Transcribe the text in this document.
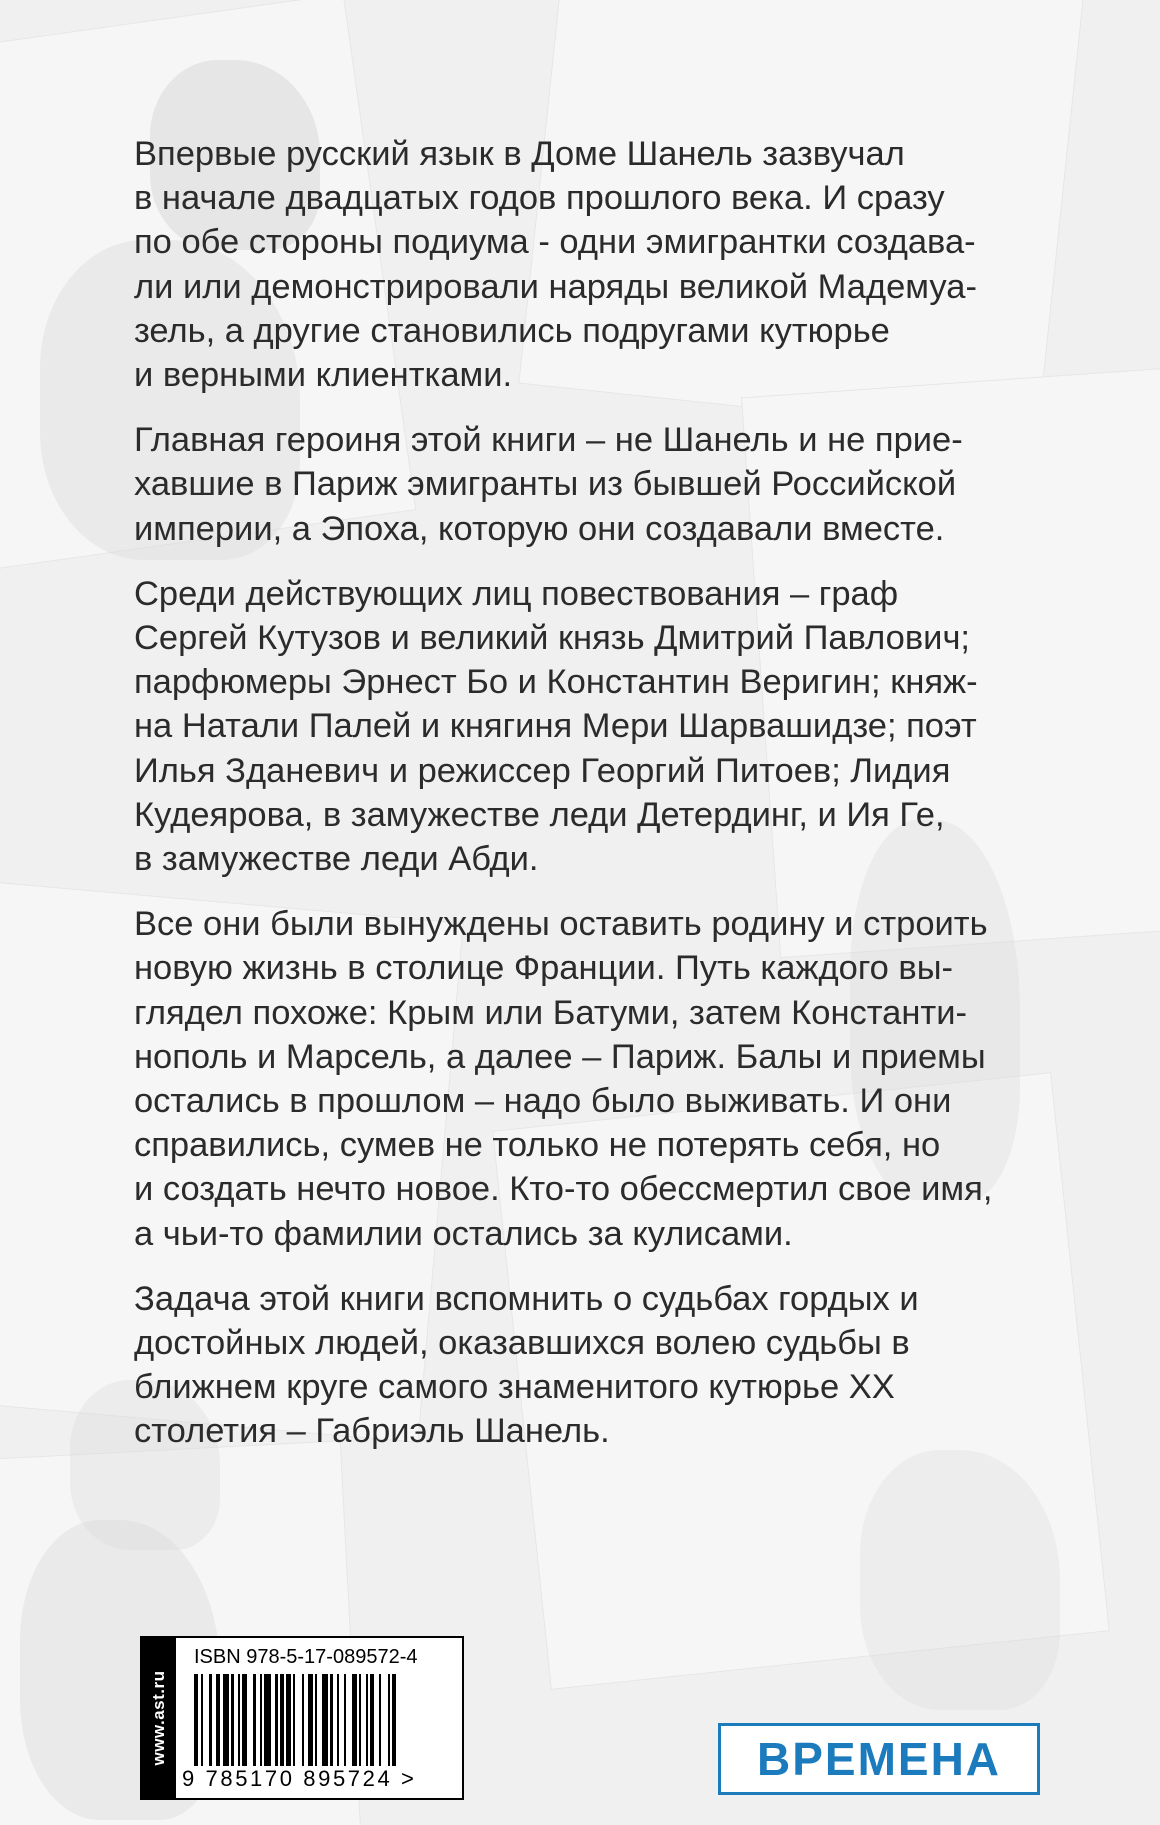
Впервые русский язык в Доме Шанель зазвучал
в начале двадцатых годов прошлого века. И сразу
по обе стороны подиума - одни эмигрантки создава-
ли или демонстрировали наряды великой Мадемуа-
зель, а другие становились подругами кутюрье
и верными клиентками.

Главная героиня этой книги – не Шанель и не прие-
хавшие в Париж эмигранты из бывшей Российской
империи, а Эпоха, которую они создавали вместе.

Среди действующих лиц повествования – граф
Сергей Кутузов и великий князь Дмитрий Павлович;
парфюмеры Эрнест Бо и Константин Веригин; княж-
на Натали Палей и княгиня Мери Шарвашидзе; поэт
Илья Зданевич и режиссер Георгий Питоев; Лидия
Кудеярова, в замужестве леди Детердинг, и Ия Ге,
в замужестве леди Абди.

Все они были вынуждены оставить родину и строить
новую жизнь в столице Франции. Путь каждого вы-
глядел похоже: Крым или Батуми, затем Константи-
нополь и Марсель, а далее – Париж. Балы и приемы
остались в прошлом – надо было выживать. И они
справились, сумев не только не потерять себя, но
и создать нечто новое. Кто-то обессмертил свое имя,
а чьи-то фамилии остались за кулисами.

Задача этой книги вспомнить о судьбах гордых и
достойных людей, оказавшихся волею судьбы в
ближнем круге самого знаменитого кутюрье XX
столетия – Габриэль Шанель.

www.ast.ru
ISBN 978-5-17-089572-4
9 785170 895724 >	ВРЕМЕНА
